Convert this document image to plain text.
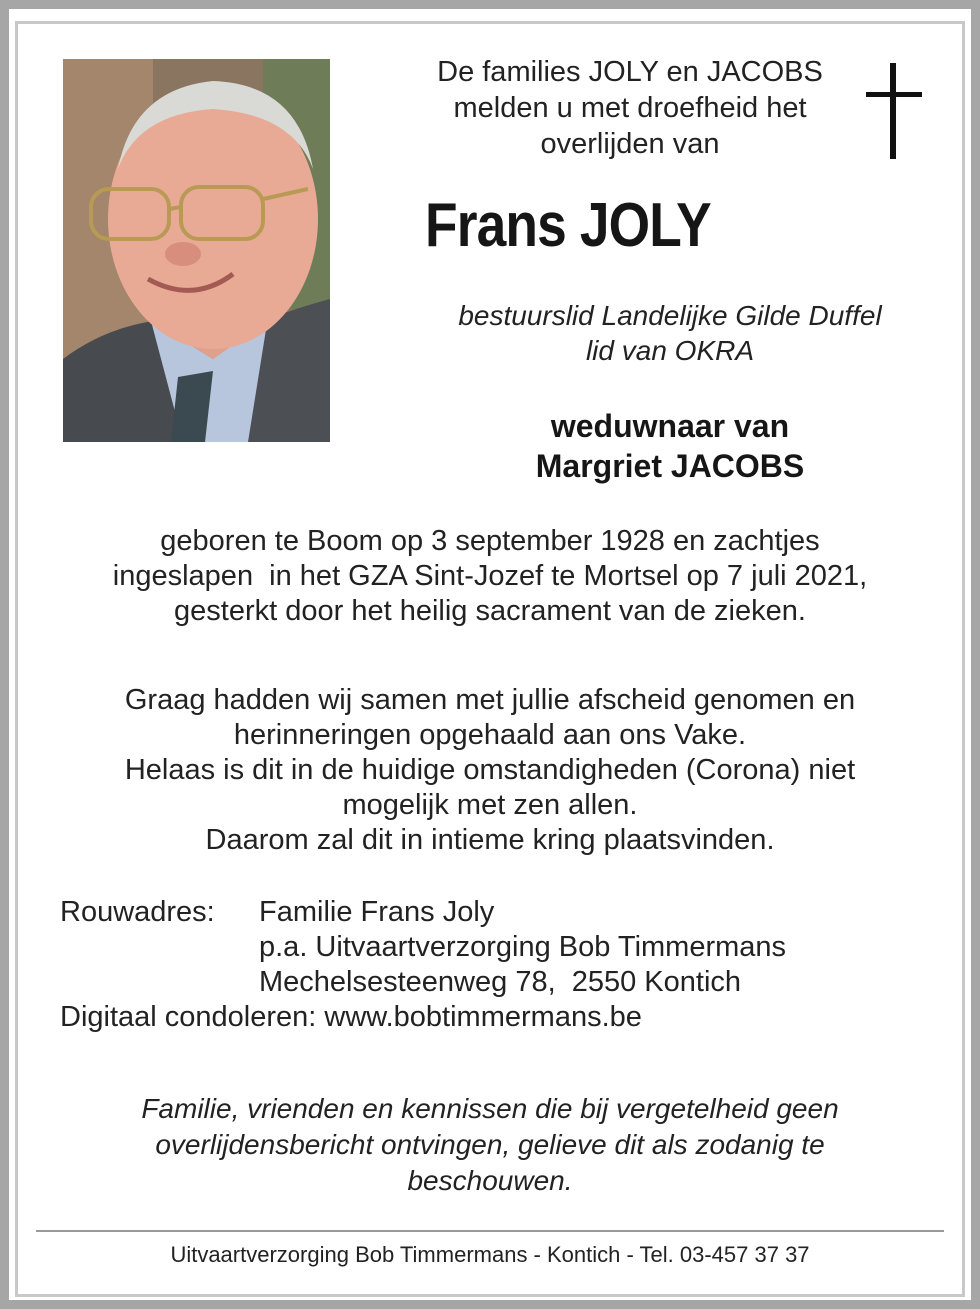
De families JOLY en JACOBS
melden u met droefheid het
overlijden van
Frans JOLY
bestuurslid Landelijke Gilde Duffel
lid van OKRA
weduwnaar van
Margriet JACOBS
geboren te Boom op 3 september 1928 en zachtjes
ingeslapen  in het GZA Sint-Jozef te Mortsel op 7 juli 2021,
gesterkt door het heilig sacrament van de zieken.
Graag hadden wij samen met jullie afscheid genomen en
herinneringen opgehaald aan ons Vake.
Helaas is dit in de huidige omstandigheden (Corona) niet
mogelijk met zen allen.
Daarom zal dit in intieme kring plaatsvinden.
Rouwadres:	Familie Frans Joly
p.a. Uitvaartverzorging Bob Timmermans
Mechelsesteenweg 78,  2550 Kontich
Digitaal condoleren: www.bobtimmermans.be
Familie, vrienden en kennissen die bij vergetelheid geen
overlijdensbericht ontvingen, gelieve dit als zodanig te
beschouwen.
Uitvaartverzorging Bob Timmermans - Kontich - Tel. 03-457 37 37
